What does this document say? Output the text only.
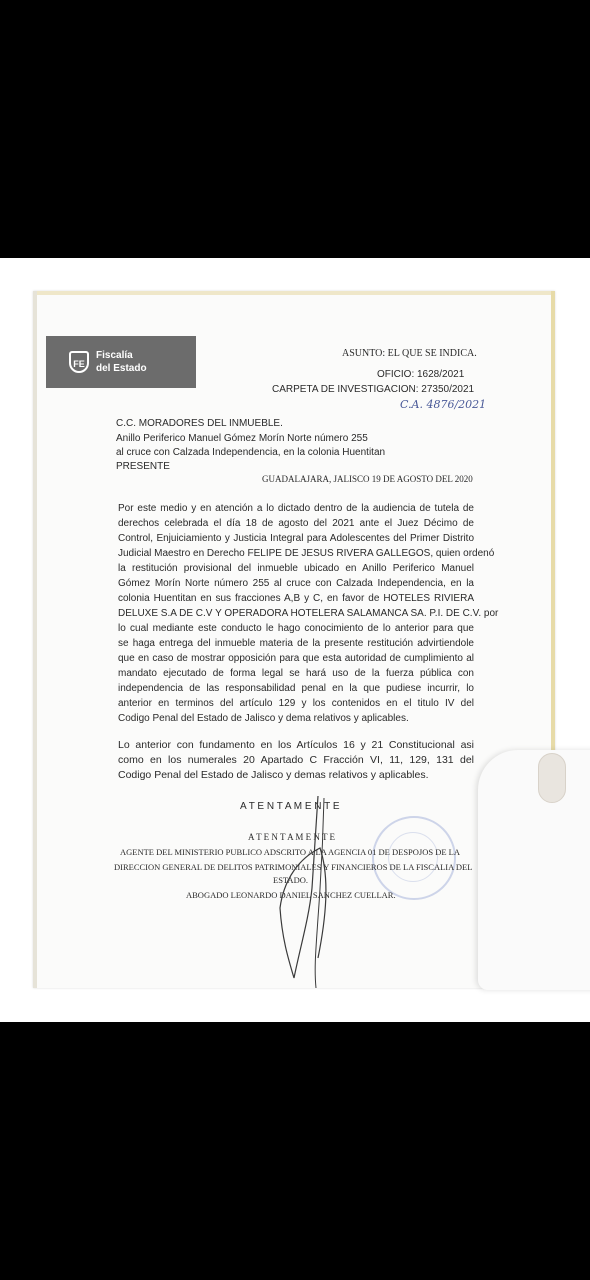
FE
Fiscalía
del Estado
ASUNTO: EL QUE SE INDICA.
OFICIO: 1628/2021
CARPETA DE INVESTIGACION: 27350/2021
C.A. 4876/2021
C.C. MORADORES DEL INMUEBLE.
Anillo Periferico Manuel Gómez Morín Norte número 255
al cruce con Calzada Independencia, en la colonia Huentitan
PRESENTE
GUADALAJARA, JALISCO 19 DE AGOSTO DEL 2020
Por este medio y en atención a lo dictado dentro de la audiencia de tutela de
derechos celebrada el día 18 de agosto del 2021 ante el Juez Décimo de
Control, Enjuiciamiento y Justicia Integral para Adolescentes del Primer Distrito
Judicial Maestro en Derecho FELIPE DE JESUS RIVERA GALLEGOS, quien ordenó
la restitución provisional del inmueble ubicado en Anillo Periferico Manuel
Gómez Morín Norte número 255 al cruce con Calzada Independencia, en la
colonia Huentitan en sus fracciones A,B y C, en favor de HOTELES RIVIERA
DELUXE S.A DE C.V Y OPERADORA HOTELERA SALAMANCA SA. P.I. DE C.V. por
lo cual mediante este conducto le hago conocimiento de lo anterior para que
se haga entrega del inmueble materia de la presente restitución advirtiendole
que en caso de mostrar opposición para que esta autoridad de cumplimiento al
mandato ejecutado de forma legal se hará uso de la fuerza pública con
independencia de las responsabilidad penal en la que pudiese incurrir, lo
anterior en terminos del artículo 129 y los contenidos en el titulo IV del
Codigo Penal del Estado de Jalisco y dema relativos y aplicables.
Lo anterior con fundamento en los Artículos 16 y 21 Constitucional asi
como en los numerales 20 Apartado C Fracción VI, 11, 129, 131 del
Codigo Penal del Estado de Jalisco y demas relativos y aplicables.
A T E N T A M E N T E
A T E N T A M E N T E
AGENTE DEL MINISTERIO PUBLICO ADSCRITO A LA AGENCIA 01 DE DESPOJOS DE LA
DIRECCION GENERAL DE DELITOS PATRIMONIALES Y FINANCIEROS DE LA FISCALIA DEL
ESTADO.
ABOGADO LEONARDO DANIEL SANCHEZ CUELLAR.
